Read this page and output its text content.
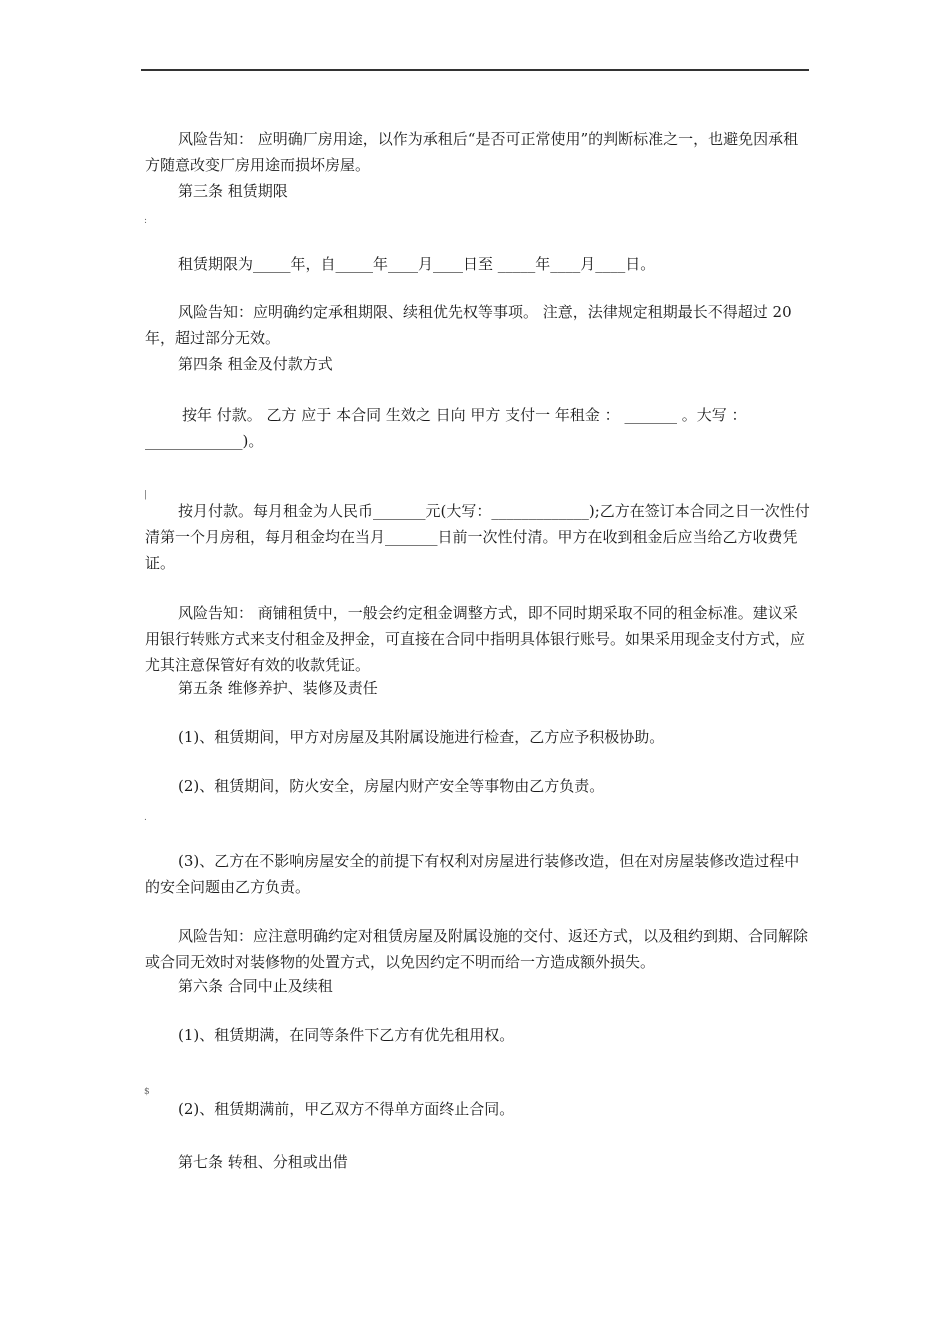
风险告知： 应明确厂房用途，以作为承租后“是否可正常使用”的判断标准之一，也避免因承租方随意改变厂房用途而损坏房屋。

第三条 租赁期限

:

租赁期限为_____年，自_____年____月____日至 _____年____月____日。

风险告知：应明确约定承租期限、续租优先权等事项。 注意，法律规定租期最长不得超过 20 年，超过部分无效。

第四条 租金及付款方式

按年 付款。 乙方 应于 本合同 生效之 日向 甲方 支付一 年租金 ： _______ 。大写 ：_____________)。

|

按月付款。每月租金为人民币_______元(大写：_____________);乙方在签订本合同之日一次性付清第一个月房租，每月租金均在当月_______日前一次性付清。甲方在收到租金后应当给乙方收费凭证。

风险告知： 商铺租赁中，一般会约定租金调整方式，即不同时期采取不同的租金标准。建议采用银行转账方式来支付租金及押金，可直接在合同中指明具体银行账号。如果采用现金支付方式，应尤其注意保管好有效的收款凭证。

第五条 维修养护、装修及责任

(1)、租赁期间，甲方对房屋及其附属设施进行检查，乙方应予积极协助。

(2)、租赁期间，防火安全，房屋内财产安全等事物由乙方负责。

.

(3)、乙方在不影响房屋安全的前提下有权利对房屋进行装修改造，但在对房屋装修改造过程中的安全问题由乙方负责。

风险告知：应注意明确约定对租赁房屋及附属设施的交付、返还方式，以及租约到期、合同解除或合同无效时对装修物的处置方式，以免因约定不明而给一方造成额外损失。

第六条 合同中止及续租

(1)、租赁期满，在同等条件下乙方有优先租用权。

$

(2)、租赁期满前，甲乙双方不得单方面终止合同。

第七条 转租、分租或出借
